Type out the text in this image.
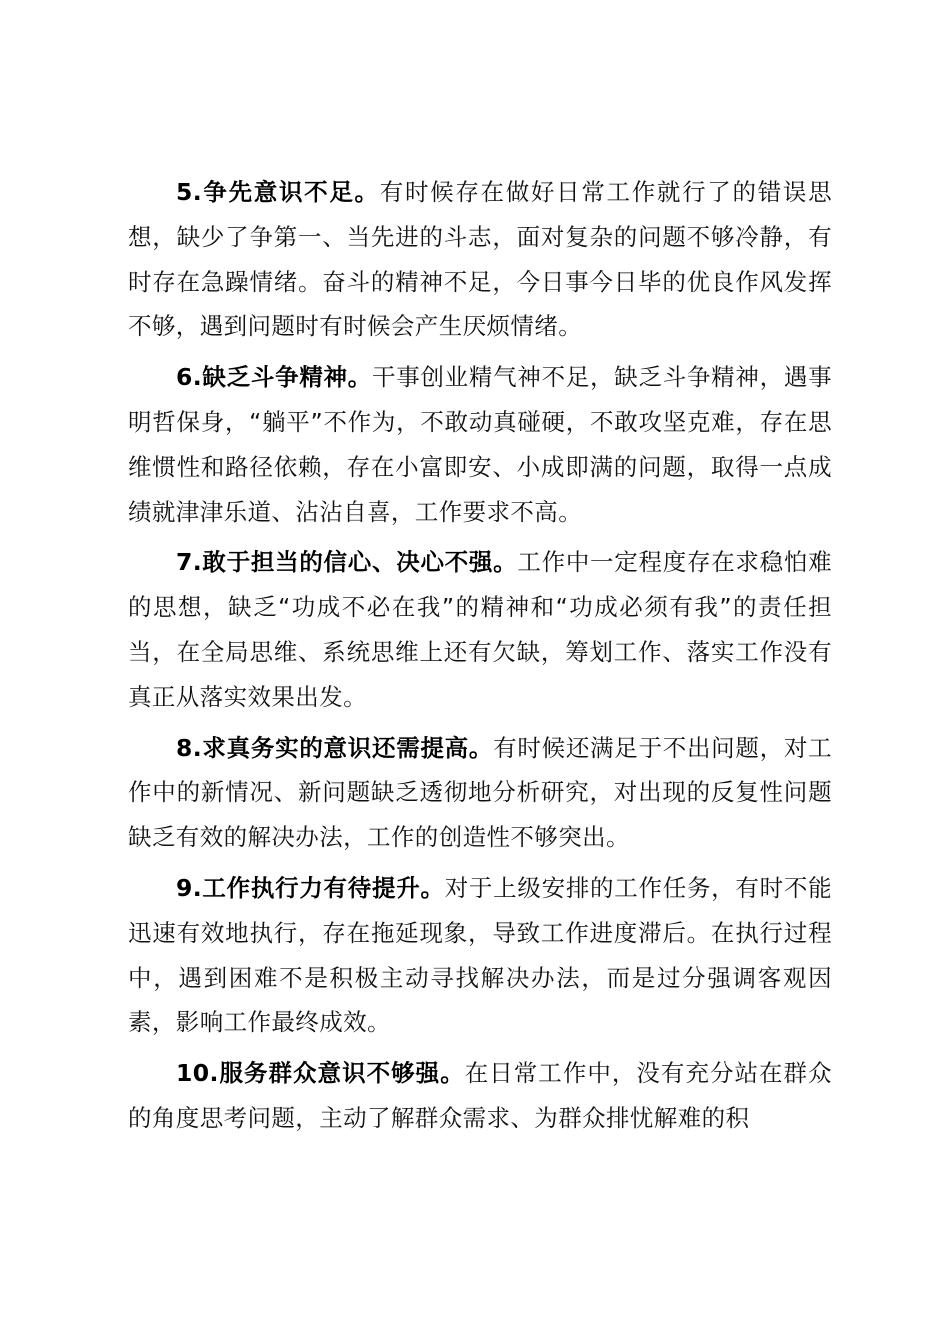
5.争先意识不足。有时候存在做好日常工作就行了的错误思想，缺少了争第一、当先进的斗志，面对复杂的问题不够冷静，有时存在急躁情绪。奋斗的精神不足，今日事今日毕的优良作风发挥不够，遇到问题时有时候会产生厌烦情绪。

6.缺乏斗争精神。干事创业精气神不足，缺乏斗争精神，遇事明哲保身，“躺平”不作为，不敢动真碰硬，不敢攻坚克难，存在思维惯性和路径依赖，存在小富即安、小成即满的问题，取得一点成绩就津津乐道、沾沾自喜，工作要求不高。

7.敢于担当的信心、决心不强。工作中一定程度存在求稳怕难的思想，缺乏“功成不必在我”的精神和“功成必须有我”的责任担当，在全局思维、系统思维上还有欠缺，筹划工作、落实工作没有真正从落实效果出发。

8.求真务实的意识还需提高。有时候还满足于不出问题，对工作中的新情况、新问题缺乏透彻地分析研究，对出现的反复性问题缺乏有效的解决办法，工作的创造性不够突出。

9.工作执行力有待提升。对于上级安排的工作任务，有时不能迅速有效地执行，存在拖延现象，导致工作进度滞后。在执行过程中，遇到困难不是积极主动寻找解决办法，而是过分强调客观因素，影响工作最终成效。

10.服务群众意识不够强。在日常工作中，没有充分站在群众的角度思考问题，主动了解群众需求、为群众排忧解难的积
